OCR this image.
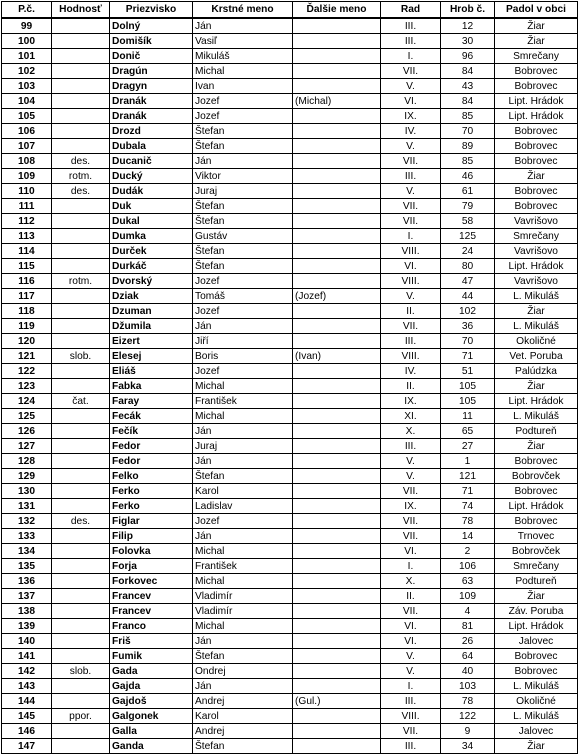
P.č.	Hodnosť	Priezvisko	Krstné meno	Ďalšie meno	Rad	Hrob č.	Padol v obci
99		Dolný	Ján		III.	12	Žiar
100		Domišík	Vasiľ		III.	30	Žiar
101		Donič	Mikuláš		I.	96	Smrečany
102		Dragún	Michal		VII.	84	Bobrovec
103		Dragyn	Ivan		V.	43	Bobrovec
104		Dranák	Jozef	(Michal)	VI.	84	Lipt. Hrádok
105		Dranák	Jozef		IX.	85	Lipt. Hrádok
106		Drozd	Štefan		IV.	70	Bobrovec
107		Dubala	Štefan		V.	89	Bobrovec
108	des.	Ducanič	Ján		VII.	85	Bobrovec
109	rotm.	Ducký	Viktor		III.	46	Žiar
110	des.	Dudák	Juraj		V.	61	Bobrovec
111		Duk	Štefan		VII.	79	Bobrovec
112		Dukal	Štefan		VII.	58	Vavrišovo
113		Dumka	Gustáv		I.	125	Smrečany
114		Durček	Štefan		VIII.	24	Vavrišovo
115		Durkáč	Štefan		VI.	80	Lipt. Hrádok
116	rotm.	Dvorský	Jozef		VIII.	47	Vavrišovo
117		Dziak	Tomáš	(Jozef)	V.	44	L. Mikuláš
118		Dzuman	Jozef		II.	102	Žiar
119		Džumila	Ján		VII.	36	L. Mikuláš
120		Eizert	Jiří		III.	70	Okoličné
121	slob.	Elesej	Boris	(Ivan)	VIII.	71	Vet. Poruba
122		Eliáš	Jozef		IV.	51	Palúdzka
123		Fabka	Michal		II.	105	Žiar
124	čat.	Faray	František		IX.	105	Lipt. Hrádok
125		Fecák	Michal		XI.	11	L. Mikuláš
126		Fečík	Ján		X.	65	Podtureň
127		Fedor	Juraj		III.	27	Žiar
128		Fedor	Ján		V.	1	Bobrovec
129		Felko	Štefan		V.	121	Bobrovček
130		Ferko	Karol		VII.	71	Bobrovec
131		Ferko	Ladislav		IX.	74	Lipt. Hrádok
132	des.	Figlar	Jozef		VII.	78	Bobrovec
133		Filip	Ján		VII.	14	Trnovec
134		Folovka	Michal		VI.	2	Bobrovček
135		Forja	František		I.	106	Smrečany
136		Forkovec	Michal		X.	63	Podtureň
137		Francev	Vladimír		II.	109	Žiar
138		Francev	Vladimír		VII.	4	Záv. Poruba
139		Franco	Michal		VI.	81	Lipt. Hrádok
140		Friš	Ján		VI.	26	Jalovec
141		Fumik	Štefan		V.	64	Bobrovec
142	slob.	Gada	Ondrej		V.	40	Bobrovec
143		Gajda	Ján		I.	103	L. Mikuláš
144		Gajdoš	Andrej	(Gul.)	III.	78	Okoličné
145	ppor.	Galgonek	Karol		VIII.	122	L. Mikuláš
146		Galla	Andrej		VII.	9	Jalovec
147		Ganda	Štefan		III.	34	Žiar
